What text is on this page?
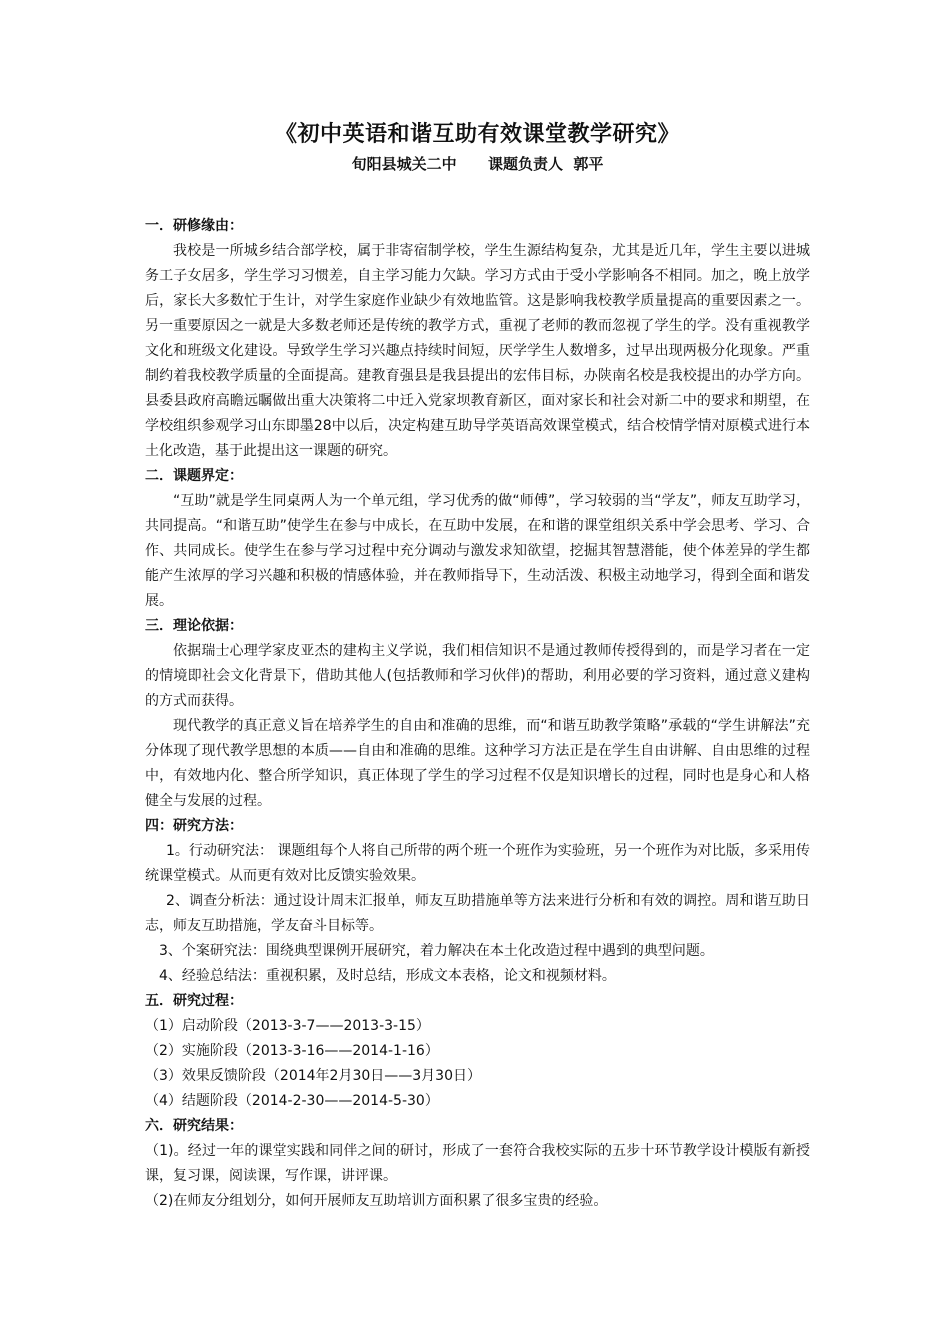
《初中英语和谐互助有效课堂教学研究》

旬阳县城关二中      课题负责人  郭平

一．研修缘由：

我校是一所城乡结合部学校，属于非寄宿制学校，学生生源结构复杂，尤其是近几年，学生主要以进城务工子女居多，学生学习习惯差，自主学习能力欠缺。学习方式由于受小学影响各不相同。加之，晚上放学后，家长大多数忙于生计，对学生家庭作业缺少有效地监管。这是影响我校教学质量提高的重要因素之一。另一重要原因之一就是大多数老师还是传统的教学方式，重视了老师的教而忽视了学生的学。没有重视教学文化和班级文化建设。导致学生学习兴趣点持续时间短，厌学学生人数增多，过早出现两极分化现象。严重制约着我校教学质量的全面提高。建教育强县是我县提出的宏伟目标，办陕南名校是我校提出的办学方向。县委县政府高瞻远瞩做出重大决策将二中迁入党家坝教育新区，面对家长和社会对新二中的要求和期望，在学校组织参观学习山东即墨28中以后，决定构建互助导学英语高效课堂模式，结合校情学情对原模式进行本土化改造，基于此提出这一课题的研究。

二．课题界定：

“互助”就是学生同桌两人为一个单元组，学习优秀的做“师傅”，学习较弱的当“学友”，师友互助学习，共同提高。“和谐互助”使学生在参与中成长，在互助中发展，在和谐的课堂组织关系中学会思考、学习、合作、共同成长。使学生在参与学习过程中充分调动与激发求知欲望，挖掘其智慧潜能，使个体差异的学生都能产生浓厚的学习兴趣和积极的情感体验，并在教师指导下，生动活泼、积极主动地学习，得到全面和谐发展。

三．理论依据：

依据瑞士心理学家皮亚杰的建构主义学说，我们相信知识不是通过教师传授得到的，而是学习者在一定的情境即社会文化背景下，借助其他人(包括教师和学习伙伴)的帮助，利用必要的学习资料，通过意义建构的方式而获得。

现代教学的真正意义旨在培养学生的自由和准确的思维，而“和谐互助教学策略”承载的“学生讲解法”充分体现了现代教学思想的本质——自由和准确的思维。这种学习方法正是在学生自由讲解、自由思维的过程中，有效地内化、整合所学知识，真正体现了学生的学习过程不仅是知识增长的过程，同时也是身心和人格健全与发展的过程。

四：研究方法：

1。行动研究法： 课题组每个人将自己所带的两个班一个班作为实验班，另一个班作为对比版，多采用传统课堂模式。从而更有效对比反馈实验效果。

2、调查分析法：通过设计周末汇报单，师友互助措施单等方法来进行分析和有效的调控。周和谐互助日志，师友互助措施，学友奋斗目标等。

3、个案研究法：围绕典型课例开展研究，着力解决在本土化改造过程中遇到的典型问题。

4、经验总结法：重视积累，及时总结，形成文本表格，论文和视频材料。

五．研究过程：

（1）启动阶段（2013-3-7——2013-3-15）

（2）实施阶段（2013-3-16——2014-1-16）

（3）效果反馈阶段（2014年2月30日——3月30日）

（4）结题阶段（2014-2-30——2014-5-30）

六．研究结果：

（1)。经过一年的课堂实践和同伴之间的研讨，形成了一套符合我校实际的五步十环节教学设计模版有新授课，复习课，阅读课，写作课，讲评课。

（2)在师友分组划分，如何开展师友互助培训方面积累了很多宝贵的经验。
